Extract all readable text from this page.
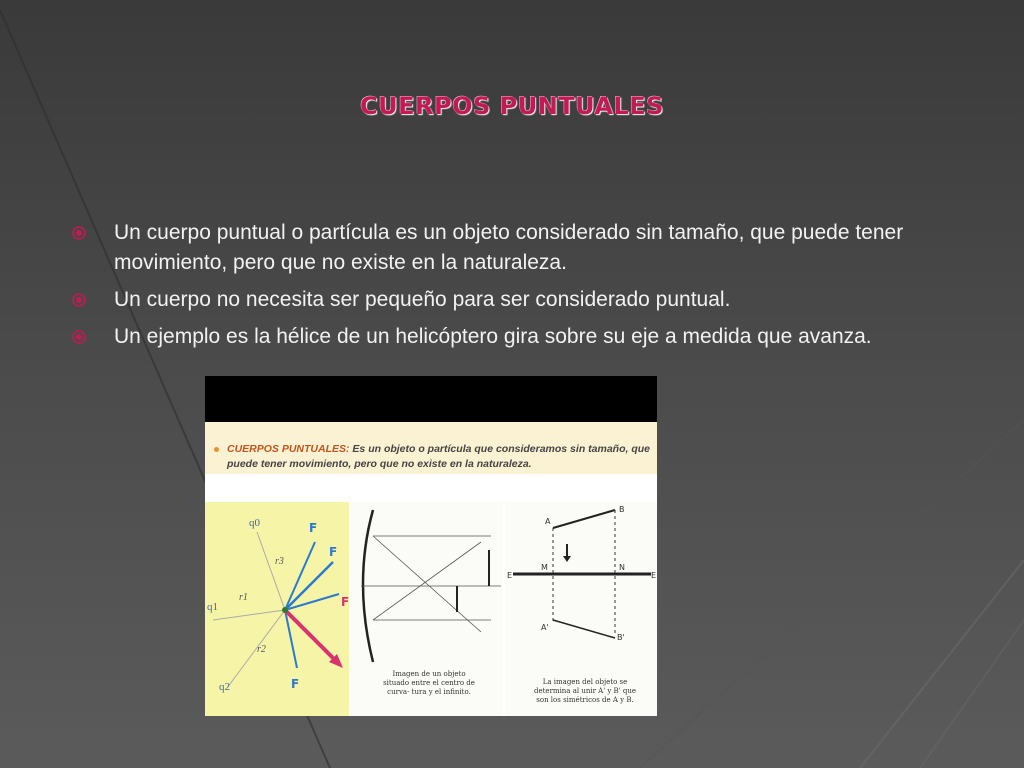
CUERPOS PUNTUALES
Un cuerpo puntual o partícula es un objeto considerado sin tamaño, que puede tener movimiento, pero que no existe en la naturaleza.
Un cuerpo no necesita ser pequeño para ser considerado puntual.
Un ejemplo es la hélice de un helicóptero gira sobre su eje a medida que avanza.
CUERPOS PUNTUALES: Es un objeto o partícula que consideramos sin tamaño, que puede tener movimiento, pero que no existe en la naturaleza.
q0
q1
q2
r3
r1
r2
F
F
F
F
Imagen de un objeto situado entre el centro de curva- tura y el infinito.
A
B
M	N
E	E
A'
B'
La imagen del objeto se determina al unir A' y B' que son los simétricos de A y B.
